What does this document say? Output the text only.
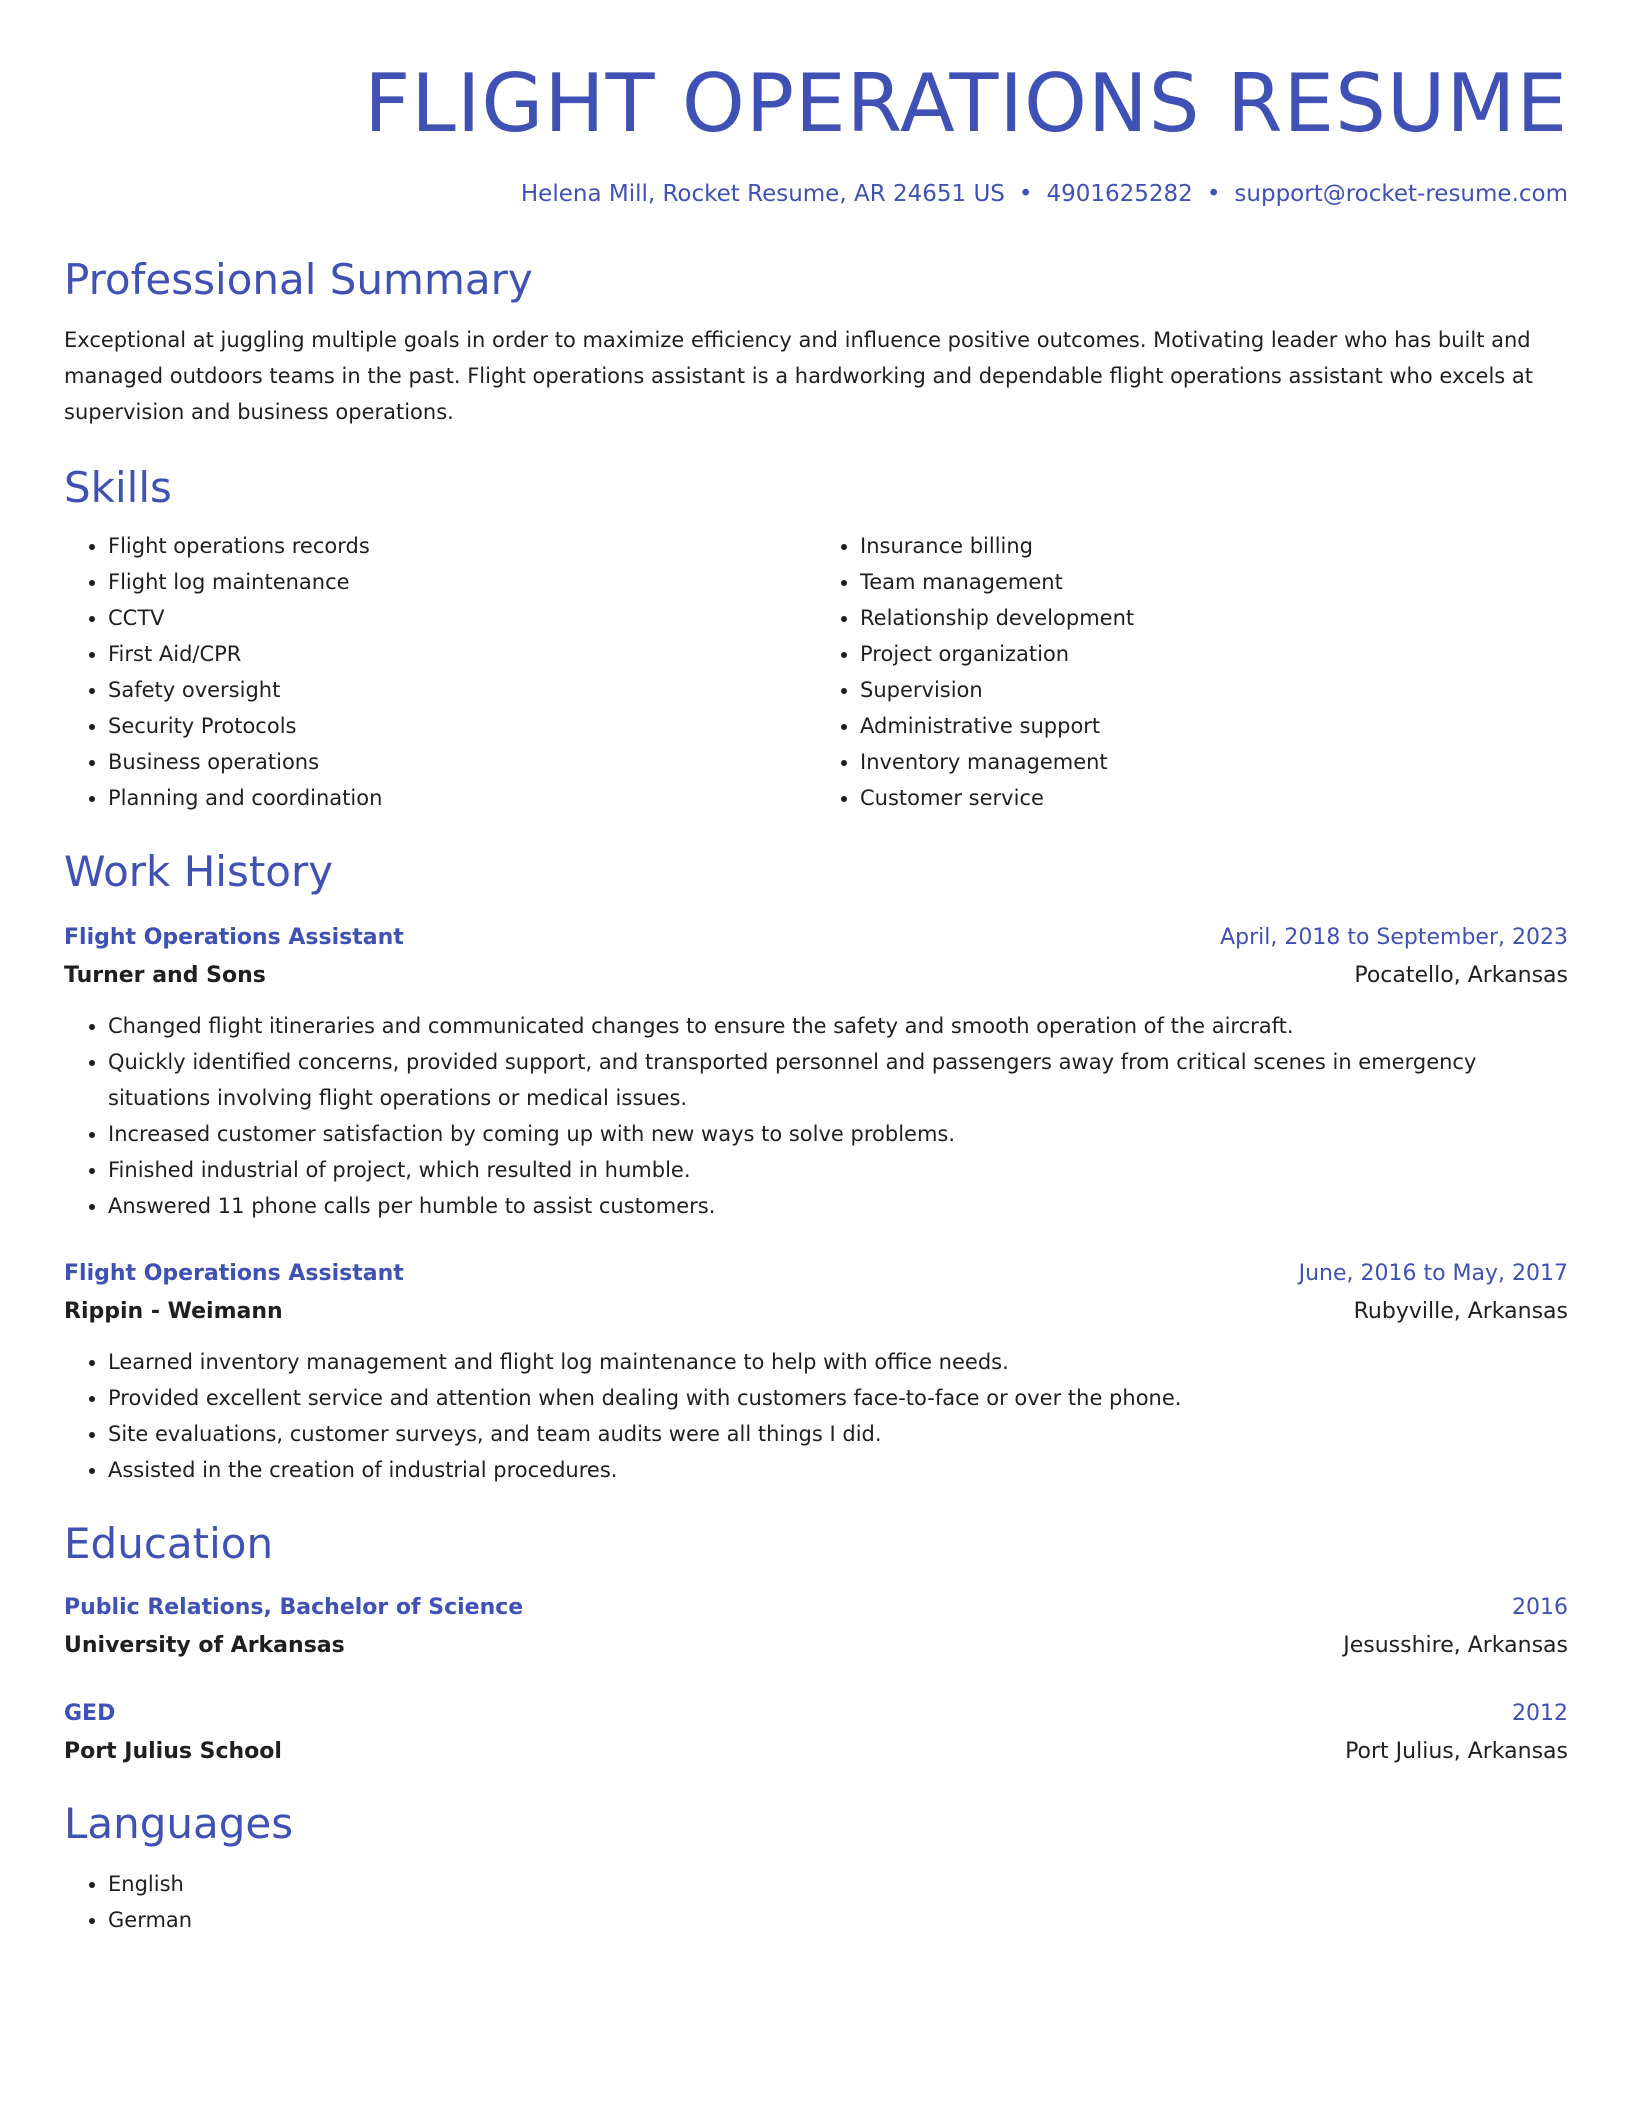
FLIGHT OPERATIONS RESUME
Helena Mill, Rocket Resume, AR 24651 US • 4901625282 • support@rocket-resume.com
Professional Summary
Exceptional at juggling multiple goals in order to maximize efficiency and influence positive outcomes. Motivating leader who has built and managed outdoors teams in the past. Flight operations assistant is a hardworking and dependable flight operations assistant who excels at supervision and business operations.
Skills
• Flight operations records
• Flight log maintenance
• CCTV
• First Aid/CPR
• Safety oversight
• Security Protocols
• Business operations
• Planning and coordination
• Insurance billing
• Team management
• Relationship development
• Project organization
• Supervision
• Administrative support
• Inventory management
• Customer service
Work History
Flight Operations Assistant	April, 2018 to September, 2023
Turner and Sons	Pocatello, Arkansas
• Changed flight itineraries and communicated changes to ensure the safety and smooth operation of the aircraft.
• Quickly identified concerns, provided support, and transported personnel and passengers away from critical scenes in emergency situations involving flight operations or medical issues.
• Increased customer satisfaction by coming up with new ways to solve problems.
• Finished industrial of project, which resulted in humble.
• Answered 11 phone calls per humble to assist customers.
Flight Operations Assistant	June, 2016 to May, 2017
Rippin - Weimann	Rubyville, Arkansas
• Learned inventory management and flight log maintenance to help with office needs.
• Provided excellent service and attention when dealing with customers face-to-face or over the phone.
• Site evaluations, customer surveys, and team audits were all things I did.
• Assisted in the creation of industrial procedures.
Education
Public Relations, Bachelor of Science	2016
University of Arkansas	Jesusshire, Arkansas
GED	2012
Port Julius School	Port Julius, Arkansas
Languages
• English
• German
